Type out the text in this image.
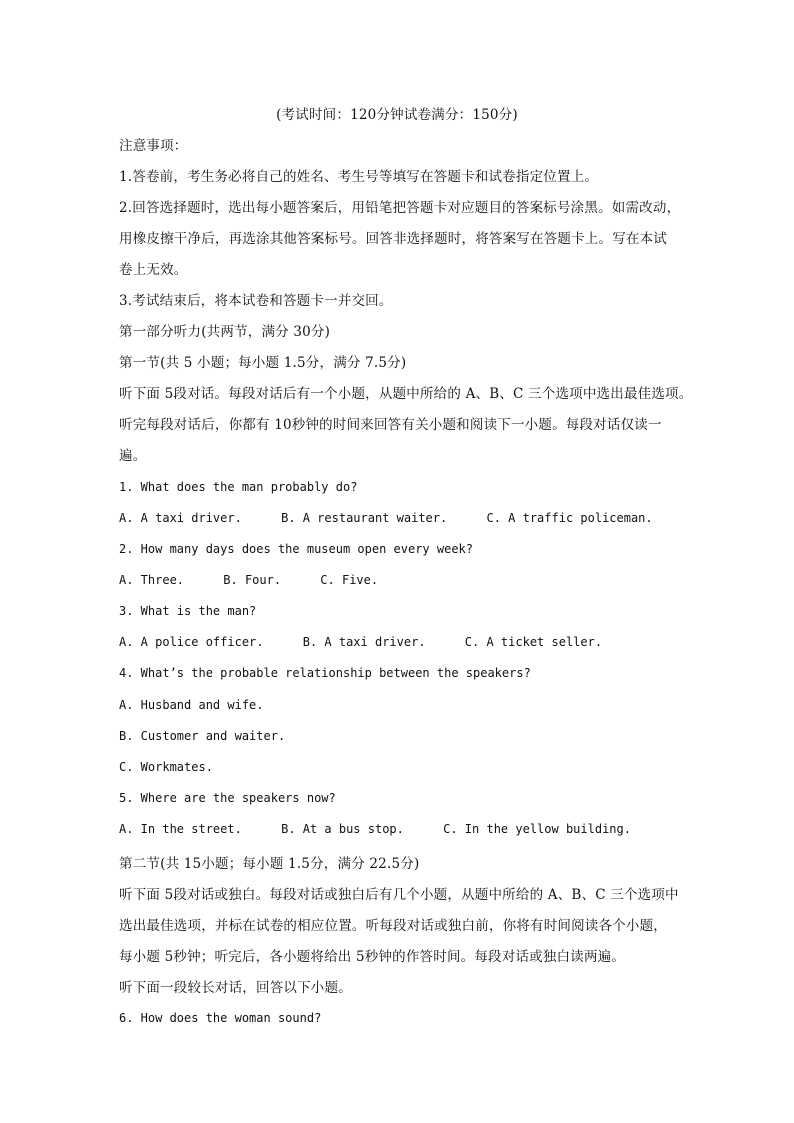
(考试时间：120分钟试卷满分：150分)
注意事项：
1.答卷前，考生务必将自己的姓名、考生号等填写在答题卡和试卷指定位置上。
2.回答选择题时，选出每小题答案后，用铅笔把答题卡对应题目的答案标号涂黑。如需改动，
用橡皮擦干净后，再选涂其他答案标号。回答非选择题时，将答案写在答题卡上。写在本试
卷上无效。
3.考试结束后，将本试卷和答题卡一并交回。
第一部分听力(共两节，满分 30分)
第一节(共 5 小题；每小题 1.5分，满分 7.5分)
听下面 5段对话。每段对话后有一个小题，从题中所给的 A、B、C 三个选项中选出最佳选项。
听完每段对话后，你都有 10秒钟的时间来回答有关小题和阅读下一小题。每段对话仅读一
遍。
1. What does the man probably do?
A. A taxi driver.	B. A restaurant waiter.	C. A traffic policeman.
2. How many days does the museum open every week?
A. Three.	B. Four.	C. Five.
3. What is the man?
A. A police officer.	B. A taxi driver.	C. A ticket seller.
4. What’s the probable relationship between the speakers?
A. Husband and wife.
B. Customer and waiter.
C. Workmates.
5. Where are the speakers now?
A. In the street.	B. At a bus stop.	C. In the yellow building.
第二节(共 15小题；每小题 1.5分，满分 22.5分)
听下面 5段对话或独白。每段对话或独白后有几个小题，从题中所给的 A、B、C 三个选项中
选出最佳选项，并标在试卷的相应位置。听每段对话或独白前，你将有时间阅读各个小题，
每小题 5秒钟；听完后，各小题将给出 5秒钟的作答时间。每段对话或独白读两遍。
听下面一段较长对话，回答以下小题。
6. How does the woman sound?
